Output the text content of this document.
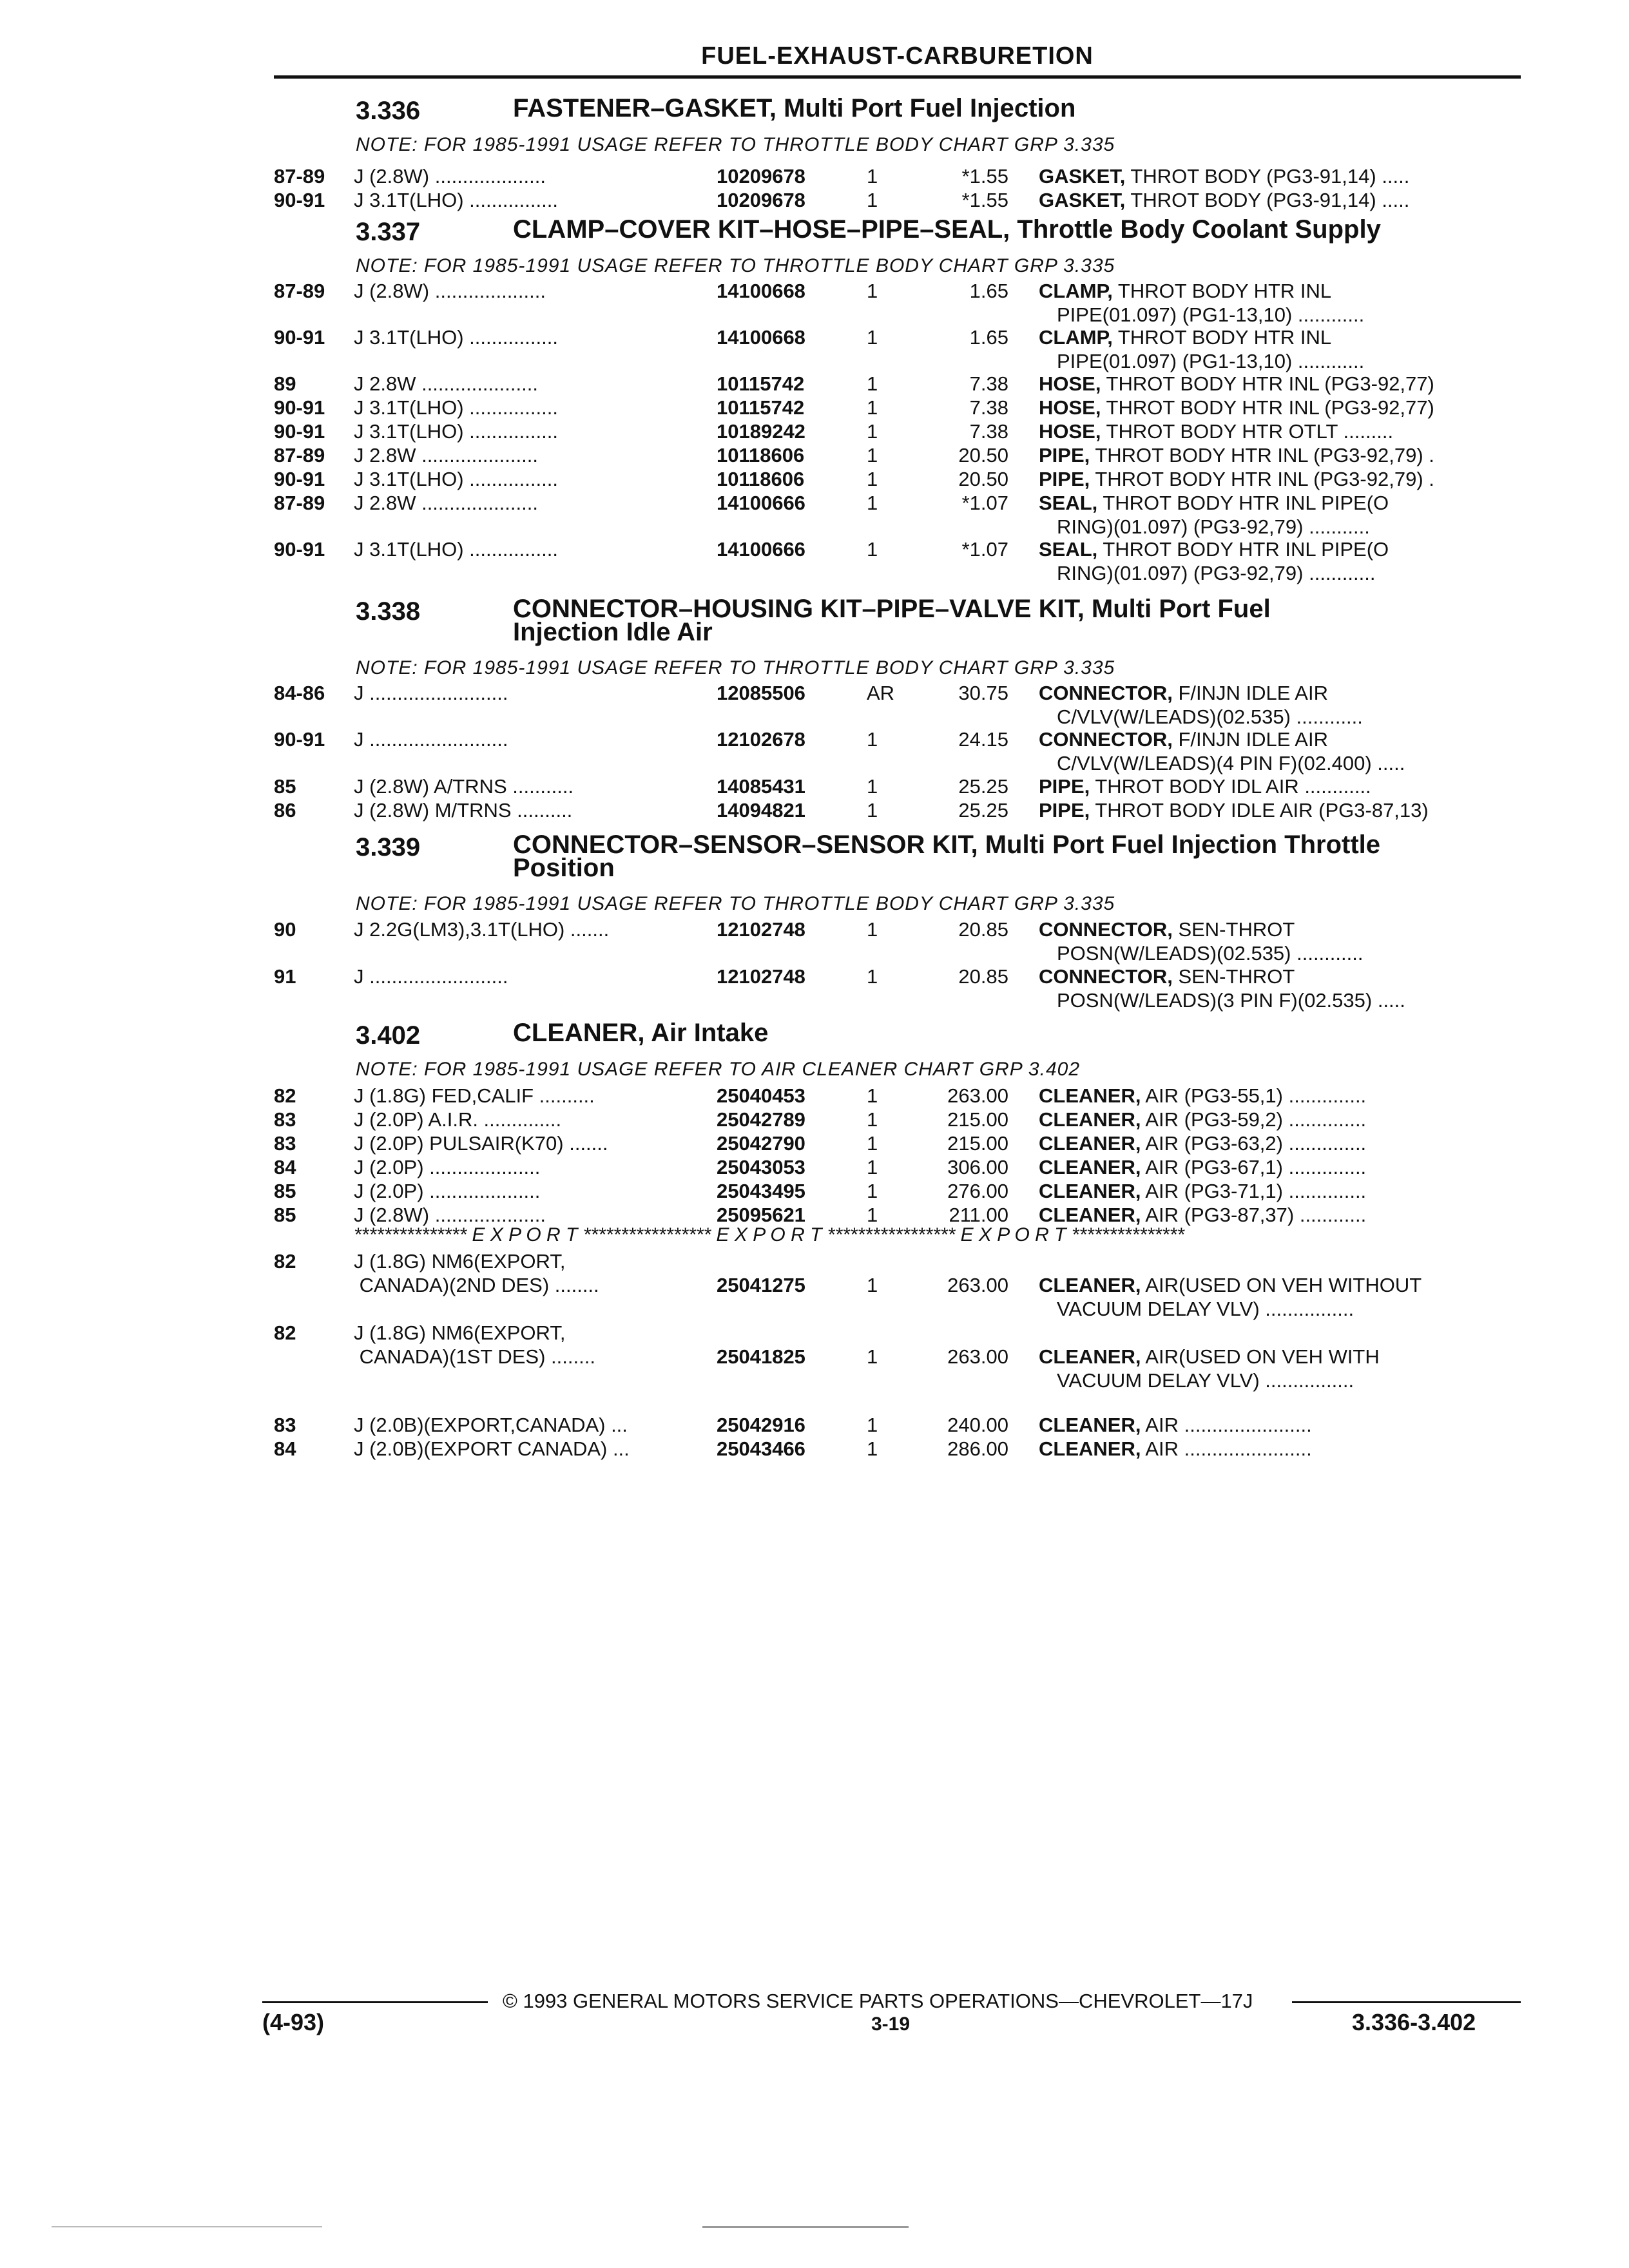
FUEL-EXHAUST-CARBURETION
3.336	FASTENER–GASKET, Multi Port Fuel Injection
NOTE: FOR 1985-1991 USAGE REFER TO THROTTLE BODY CHART GRP 3.335
87-89 J (2.8W) ....................	10209678	1	*1.55 GASKET, THROT BODY (PG3-91,14) .....
90-91 J 3.1T(LHO) ................	10209678	1	*1.55 GASKET, THROT BODY (PG3-91,14) .....
3.337	CLAMP–COVER KIT–HOSE–PIPE–SEAL, Throttle Body Coolant Supply
NOTE: FOR 1985-1991 USAGE REFER TO THROTTLE BODY CHART GRP 3.335
87-89 J (2.8W) ....................	14100668	1	1.65 CLAMP, THROT BODY HTR INL
PIPE(01.097) (PG1-13,10) ............
90-91 J 3.1T(LHO) ................	14100668	1	1.65 CLAMP, THROT BODY HTR INL
PIPE(01.097) (PG1-13,10) ............
89	J 2.8W .....................	10115742	1	7.38 HOSE, THROT BODY HTR INL (PG3-92,77)
90-91 J 3.1T(LHO) ................	10115742	1	7.38 HOSE, THROT BODY HTR INL (PG3-92,77)
90-91 J 3.1T(LHO) ................	10189242	1	7.38 HOSE, THROT BODY HTR OTLT .........
87-89 J 2.8W .....................	10118606	1	20.50 PIPE, THROT BODY HTR INL (PG3-92,79) .
90-91 J 3.1T(LHO) ................	10118606	1	20.50 PIPE, THROT BODY HTR INL (PG3-92,79) .
87-89 J 2.8W .....................	14100666	1	*1.07 SEAL, THROT BODY HTR INL PIPE(O
RING)(01.097) (PG3-92,79) ...........
90-91 J 3.1T(LHO) ................	14100666	1	*1.07 SEAL, THROT BODY HTR INL PIPE(O
RING)(01.097) (PG3-92,79) ............
3.338	CONNECTOR–HOUSING KIT–PIPE–VALVE KIT, Multi Port Fuel
Injection Idle Air
NOTE: FOR 1985-1991 USAGE REFER TO THROTTLE BODY CHART GRP 3.335
84-86 J .........................	12085506	AR	30.75 CONNECTOR, F/INJN IDLE AIR
C/VLV(W/LEADS)(02.535) ............
90-91 J .........................	12102678	1	24.15 CONNECTOR, F/INJN IDLE AIR
C/VLV(W/LEADS)(4 PIN F)(02.400) .....
85	J (2.8W) A/TRNS ...........	14085431	1	25.25 PIPE, THROT BODY IDL AIR ............
86	J (2.8W) M/TRNS ..........	14094821	1	25.25 PIPE, THROT BODY IDLE AIR (PG3-87,13)
3.339	CONNECTOR–SENSOR–SENSOR KIT, Multi Port Fuel Injection Throttle
Position
NOTE: FOR 1985-1991 USAGE REFER TO THROTTLE BODY CHART GRP 3.335
90	J 2.2G(LM3),3.1T(LHO) .......	12102748	1	20.85 CONNECTOR, SEN-THROT
POSN(W/LEADS)(02.535) ............
91	J .........................	12102748	1	20.85 CONNECTOR, SEN-THROT
POSN(W/LEADS)(3 PIN F)(02.535) .....
3.402	CLEANER, Air Intake
NOTE: FOR 1985-1991 USAGE REFER TO AIR CLEANER CHART GRP 3.402
82	J (1.8G) FED,CALIF ..........	25040453	1	263.00 CLEANER, AIR (PG3-55,1) ..............
83	J (2.0P) A.I.R. ..............	25042789	1	215.00 CLEANER, AIR (PG3-59,2) ..............
83	J (2.0P) PULSAIR(K70) .......	25042790	1	215.00 CLEANER, AIR (PG3-63,2) ..............
84	J (2.0P) ....................	25043053	1	306.00 CLEANER, AIR (PG3-67,1) ..............
85	J (2.0P) ....................	25043495	1	276.00 CLEANER, AIR (PG3-71,1) ..............
85	J (2.8W) ....................	25095621	1	211.00 CLEANER, AIR (PG3-87,37) ............
*************** E X P O R T ***************** E X P O R T ***************** E X P O R T ***************
82	J (1.8G) NM6(EXPORT,
CANADA)(2ND DES) ........	25041275	1	263.00 CLEANER, AIR(USED ON VEH WITHOUT
VACUUM DELAY VLV) ................
82	J (1.8G) NM6(EXPORT,
CANADA)(1ST DES) ........	25041825	1	263.00 CLEANER, AIR(USED ON VEH WITH
VACUUM DELAY VLV) ................
83	J (2.0B)(EXPORT,CANADA) ...	25042916	1	240.00 CLEANER, AIR .......................
84	J (2.0B)(EXPORT CANADA) ...	25043466	1	286.00 CLEANER, AIR .......................
© 1993 GENERAL MOTORS SERVICE PARTS OPERATIONS—CHEVROLET—17J
(4-93)	3-19	3.336-3.402
